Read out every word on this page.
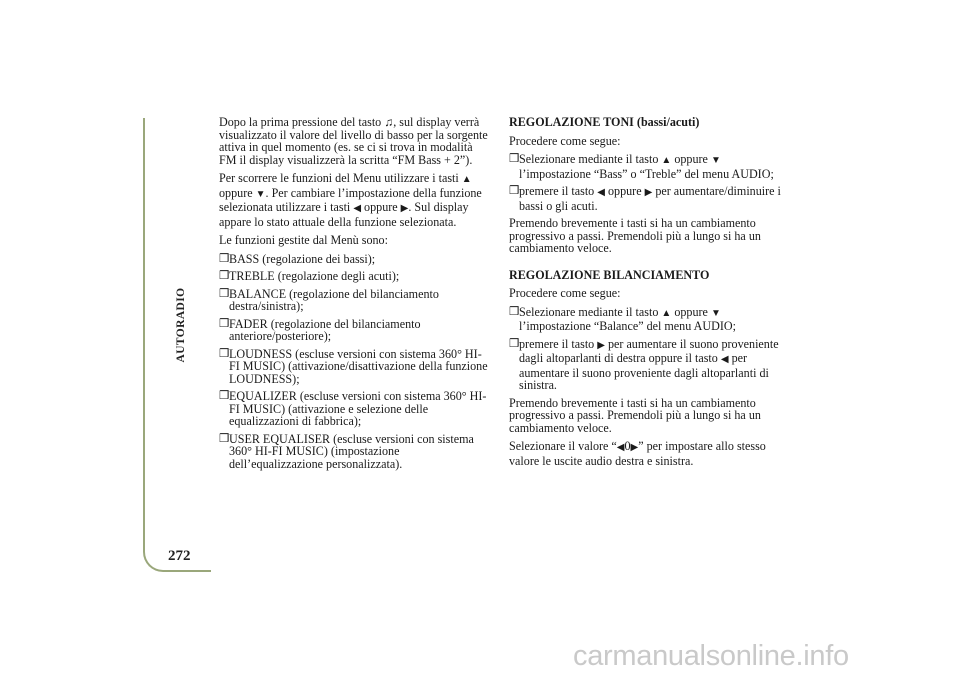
AUTORADIO
272

Dopo la prima pressione del tasto ♫, sul display verrà visualizzato il valore del livello di basso per la sorgente attiva in quel momento (es. se ci si trova in modalità FM il display visualizzerà la scritta “FM Bass + 2”).

Per scorrere le funzioni del Menu utilizzare i tasti ▲ oppure ▼. Per cambiare l’impostazione della funzione selezionata utilizzare i tasti ◀ oppure ▶. Sul display appare lo stato attuale della funzione selezionata.

Le funzioni gestite dal Menù sono:

❒ BASS (regolazione dei bassi);
❒ TREBLE (regolazione degli acuti);
❒ BALANCE (regolazione del bilanciamento destra/sinistra);
❒ FADER (regolazione del bilanciamento anteriore/posteriore);
❒ LOUDNESS (escluse versioni con sistema 360° HI-FI MUSIC) (attivazione/disattivazione della funzione LOUDNESS);
❒ EQUALIZER (escluse versioni con sistema 360° HI-FI MUSIC) (attivazione e selezione delle equalizzazioni di fabbrica);
❒ USER EQUALISER (escluse versioni con sistema 360° HI-FI MUSIC) (impostazione dell’equalizzazione personalizzata).

REGOLAZIONE TONI (bassi/acuti)

Procedere come segue:

❒ Selezionare mediante il tasto ▲ oppure ▼ l’impostazione “Bass” o “Treble” del menu AUDIO;
❒ premere il tasto ◀ oppure ▶ per aumentare/diminuire i bassi o gli acuti.

Premendo brevemente i tasti si ha un cambiamento progressivo a passi. Premendoli più a lungo si ha un cambiamento veloce.

REGOLAZIONE BILANCIAMENTO

Procedere come segue:

❒ Selezionare mediante il tasto ▲ oppure ▼ l’impostazione “Balance” del menu AUDIO;
❒ premere il tasto ▶ per aumentare il suono proveniente dagli altoparlanti di destra oppure il tasto ◀ per aumentare il suono proveniente dagli altoparlanti di sinistra.

Premendo brevemente i tasti si ha un cambiamento progressivo a passi. Premendoli più a lungo si ha un cambiamento veloce.

Selezionare il valore “◀0▶” per impostare allo stesso valore le uscite audio destra e sinistra.

carmanualsonline.info
